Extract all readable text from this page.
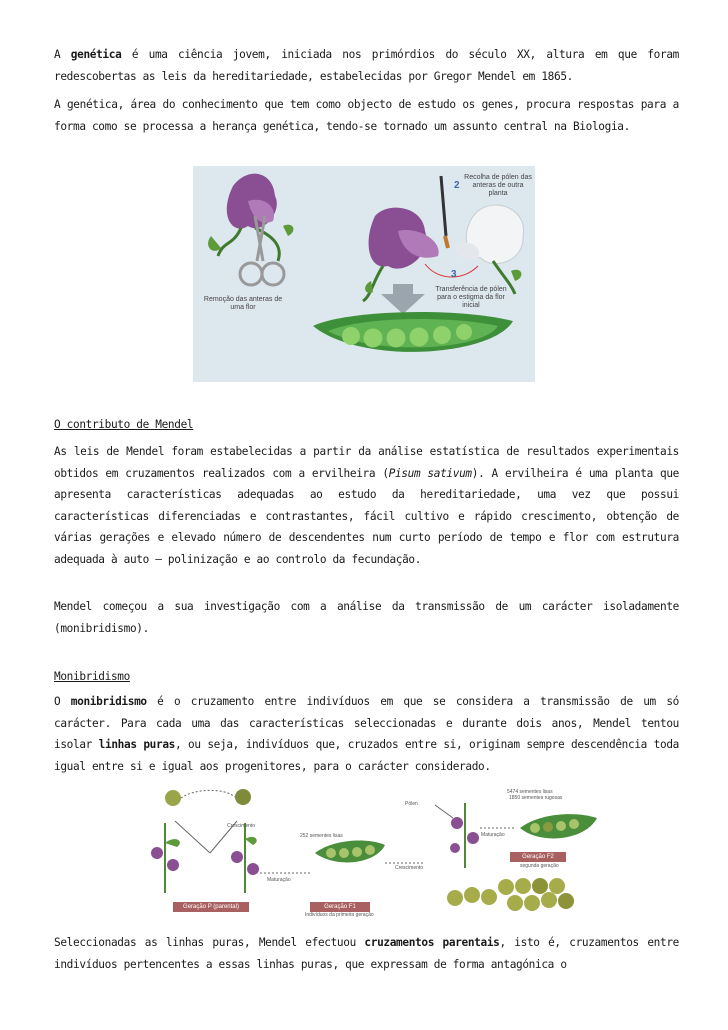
A genética é uma ciência jovem, iniciada nos primórdios do século XX, altura em que foram redescobertas as leis da hereditariedade, estabelecidas por Gregor Mendel em 1865.

A genética, área do conhecimento que tem como objecto de estudo os genes, procura respostas para a forma como se processa a herança genética, tendo-se tornado um assunto central na Biologia.

2
3
Remoção das anteras de uma flor
Recolha de pólen das anteras de outra planta
Transferência de pólen para o estigma da flor inicial

O contributo de Mendel

As leis de Mendel foram estabelecidas a partir da análise estatística de resultados experimentais obtidos em cruzamentos realizados com a ervilheira (Pisum sativum). A ervilheira é uma planta que apresenta características adequadas ao estudo da hereditariedade, uma vez que possui características diferenciadas e contrastantes, fácil cultivo e rápido crescimento, obtenção de várias gerações e elevado número de descendentes num curto período de tempo e flor com estrutura adequada à auto – polinização e ao controlo da fecundação.

Mendel começou a sua investigação com a análise da transmissão de um carácter isoladamente (monibridismo).

Monibridismo

O monibridismo é o cruzamento entre indivíduos em que se considera a transmissão de um só carácter. Para cada uma das características seleccionadas e durante dois anos, Mendel tentou isolar linhas puras, ou seja, indivíduos que, cruzados entre si, originam sempre descendência toda igual entre si e igual aos progenitores, para o carácter considerado.

Crescimento
Pólen
252 sementes lisas
5474 sementes lisas
1850 sementes rugosas
Maturação
Crescimento
Maturação
Geração P (parental)	Geração F1
Indivíduos da primeira geração
Geração F2
segunda geração

Seleccionadas as linhas puras, Mendel efectuou cruzamentos parentais, isto é, cruzamentos entre indivíduos pertencentes a essas linhas puras, que expressam de forma antagónica o
